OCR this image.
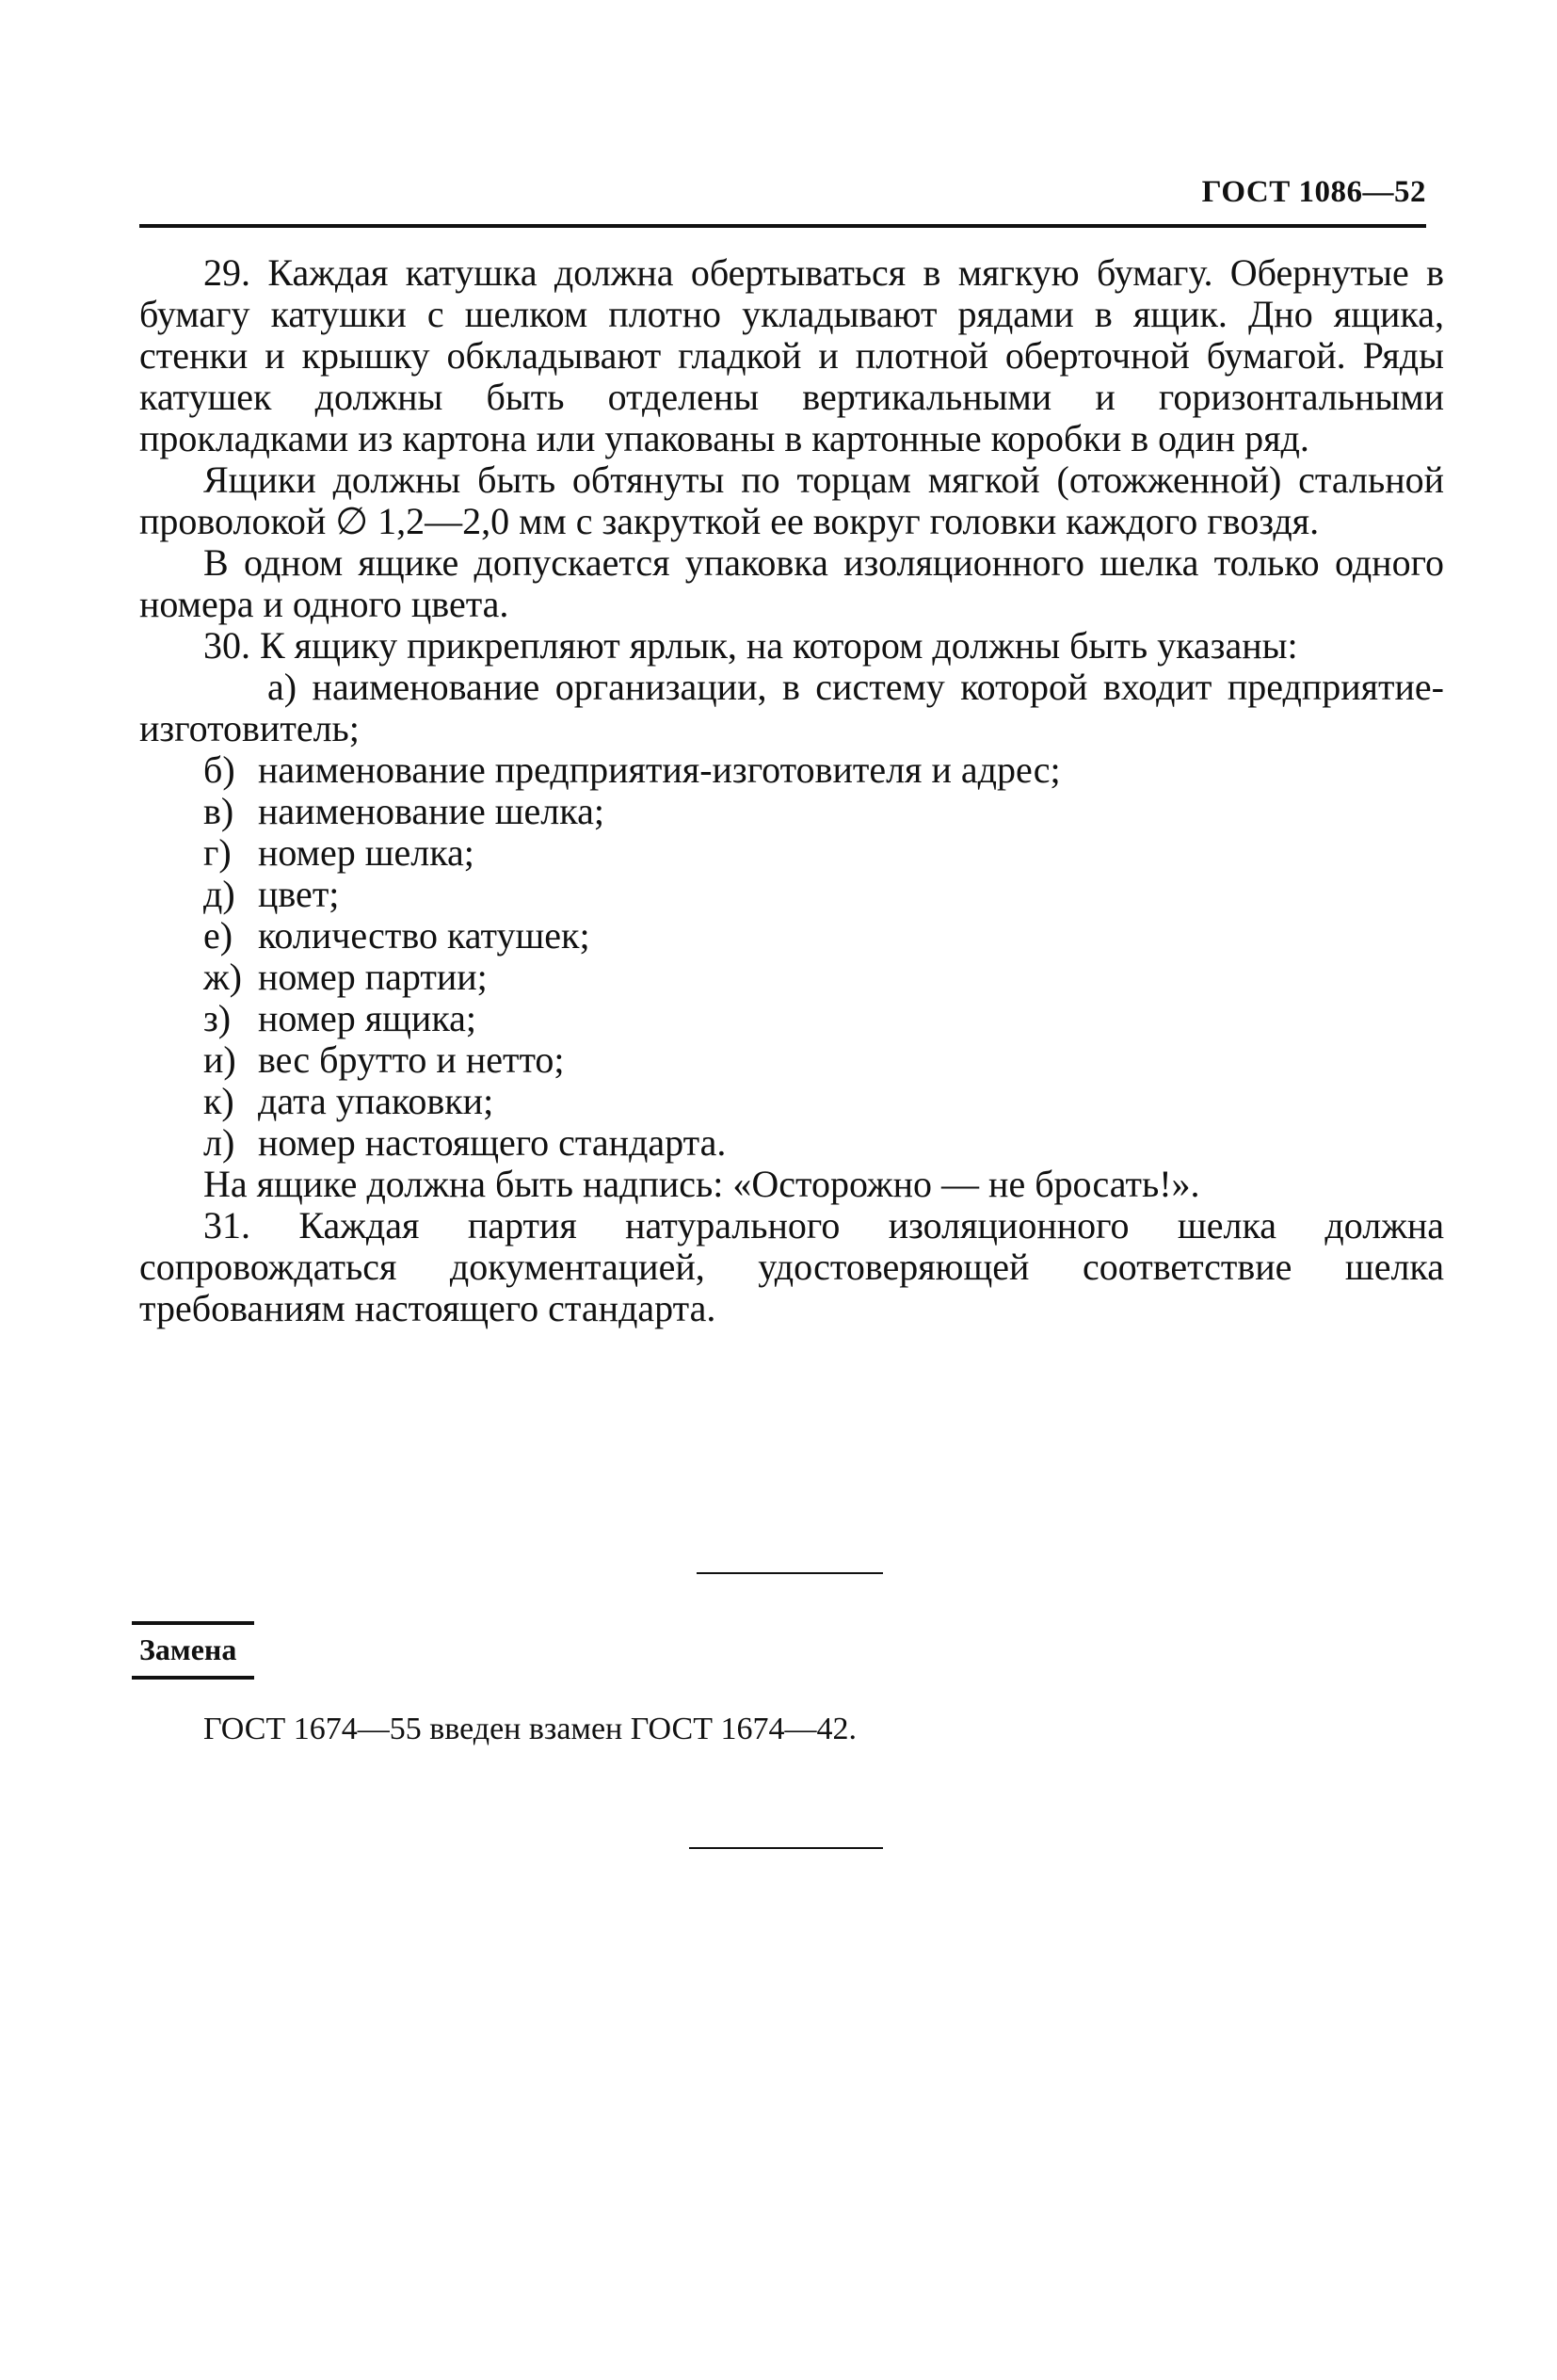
ГОСТ 1086—52

29. Каждая катушка должна обертываться в мягкую бумагу. Обернутые в бумагу катушки с шелком плотно укладывают рядами в ящик. Дно ящика, стенки и крышку обкладывают гладкой и плотной оберточной бумагой. Ряды катушек должны быть отделены вертикальными и горизонтальными прокладками из картона или упакованы в картонные коробки в один ряд.

Ящики должны быть обтянуты по торцам мягкой (отожженной) стальной проволокой ∅ 1,2—2,0 мм с закруткой ее вокруг головки каждого гвоздя.

В одном ящике допускается упаковка изоляционного шелка только одного номера и одного цвета.

30. К ящику прикрепляют ярлык, на котором должны быть указаны:

а) наименование организации, в систему которой входит предприятие-изготовитель;
б) наименование предприятия-изготовителя и адрес;
в) наименование шелка;
г) номер шелка;
д) цвет;
е) количество катушек;
ж) номер партии;
з) номер ящика;
и) вес брутто и нетто;
к) дата упаковки;
л) номер настоящего стандарта.

На ящике должна быть надпись: «Осторожно — не бросать!».

31. Каждая партия натурального изоляционного шелка должна сопровождаться документацией, удостоверяющей соответствие шелка требованиям настоящего стандарта.

Замена
ГОСТ 1674—55 введен взамен ГОСТ 1674—42.
